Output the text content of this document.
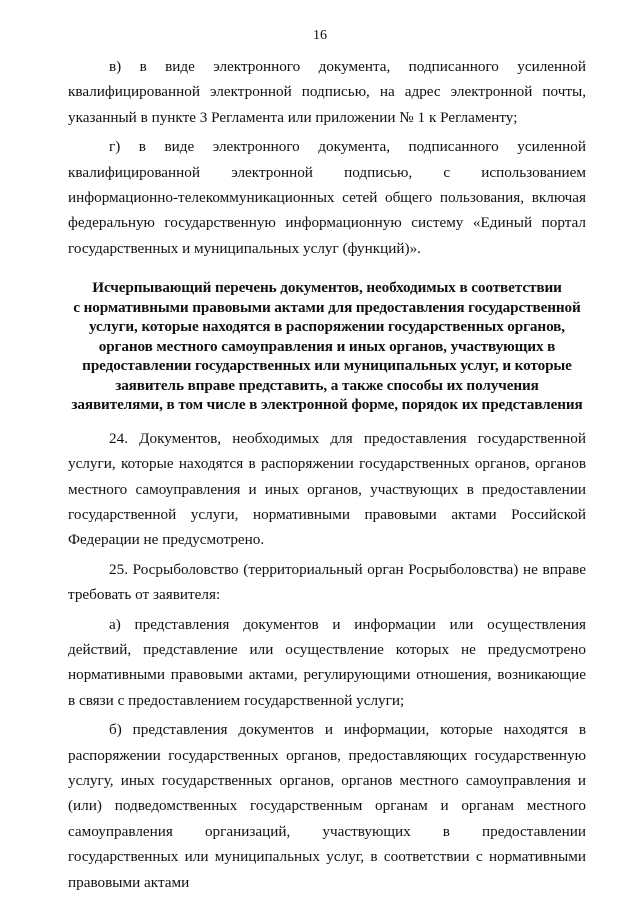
16

в) в виде электронного документа, подписанного усиленной квалифицированной электронной подписью, на адрес электронной почты, указанный в пункте 3 Регламента или приложении № 1 к Регламенту;

г) в виде электронного документа, подписанного усиленной квалифицированной электронной подписью, с использованием информационно-телекоммуникационных сетей общего пользования, включая федеральную государственную информационную систему «Единый портал государственных и муниципальных услуг (функций)».

Исчерпывающий перечень документов, необходимых в соответствии
с нормативными правовыми актами для предоставления государственной
услуги, которые находятся в распоряжении государственных органов,
органов местного самоуправления и иных органов, участвующих в
предоставлении государственных или муниципальных услуг, и которые
заявитель вправе представить, а также способы их получения
заявителями, в том числе в электронной форме, порядок их представления

24. Документов, необходимых для предоставления государственной услуги, которые находятся в распоряжении государственных органов, органов местного самоуправления и иных органов, участвующих в предоставлении государственной услуги, нормативными правовыми актами Российской Федерации не предусмотрено.

25. Росрыболовство (территориальный орган Росрыболовства) не вправе требовать от заявителя:

а) представления документов и информации или осуществления действий, представление или осуществление которых не предусмотрено нормативными правовыми актами, регулирующими отношения, возникающие в связи с предоставлением государственной услуги;

б) представления документов и информации, которые находятся в распоряжении государственных органов, предоставляющих государственную услугу, иных государственных органов, органов местного самоуправления и (или) подведомственных государственным органам и органам местного самоуправления организаций, участвующих в предоставлении государственных или муниципальных услуг, в соответствии с нормативными правовыми актами
